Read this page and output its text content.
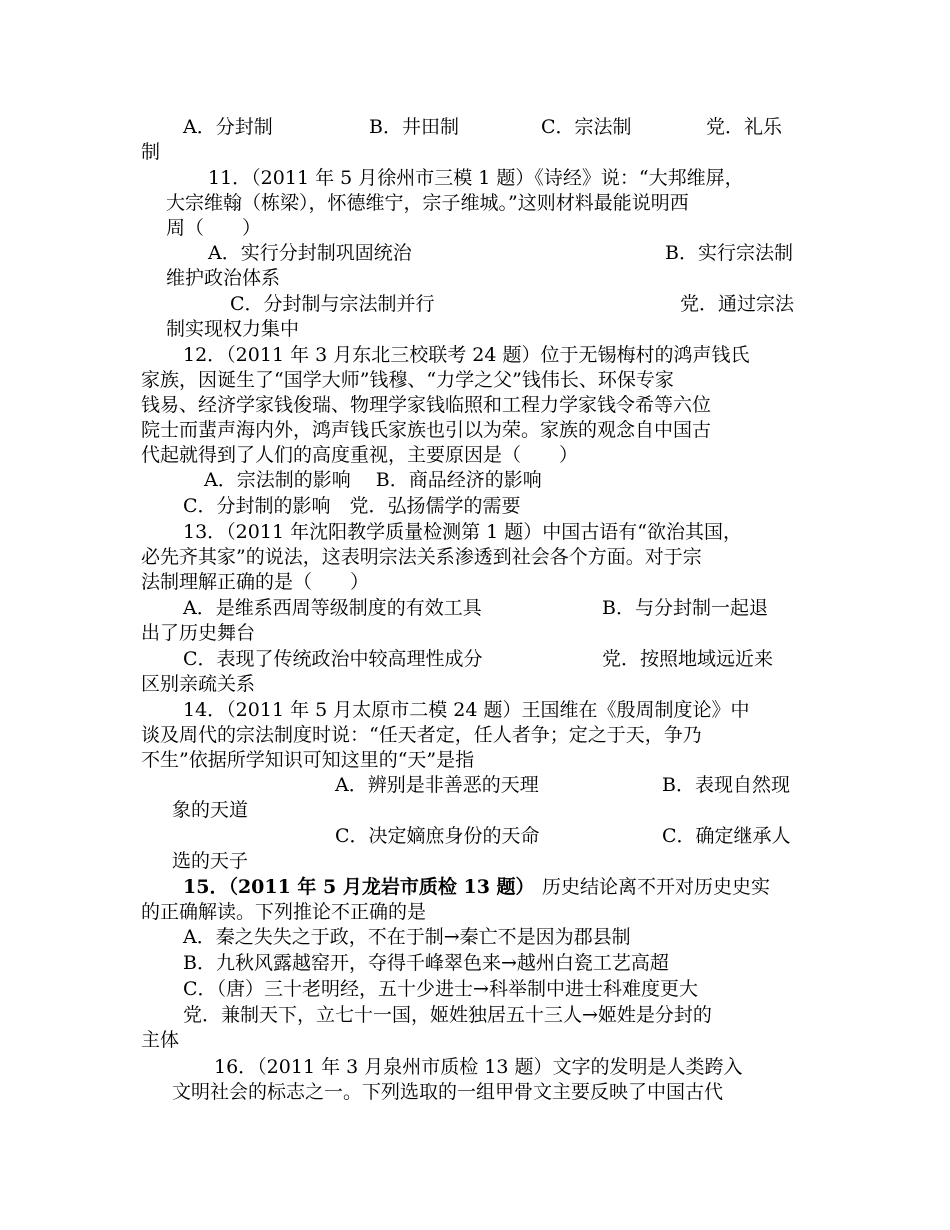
A．分封制	B．井田制	C．宗法制	党．礼乐
制
11．（2011 年 5 月徐州市三模 1 题）《诗经》说：“大邦维屏，
大宗维翰（栋梁），怀德维宁，宗子维城。”这则材料最能说明西
周（　　）
A．实行分封制巩固统治	B．实行宗法制
维护政治体系
C．分封制与宗法制并行	党．通过宗法
制实现权力集中
12．（2011 年 3 月东北三校联考 24 题）位于无锡梅村的鸿声钱氏
家族，因诞生了“国学大师”钱穆、“力学之父”钱伟长、环保专家
钱易、经济学家钱俊瑞、物理学家钱临照和工程力学家钱令希等六位
院士而蜚声海内外，鸿声钱氏家族也引以为荣。家族的观念自中国古
代起就得到了人们的高度重视，主要原因是（　　）
A．宗法制的影响　 B．商品经济的影响
C．分封制的影响　党．弘扬儒学的需要
13．（2011 年沈阳教学质量检测第 1 题）中国古语有“欲治其国，
必先齐其家”的说法，这表明宗法关系渗透到社会各个方面。对于宗
法制理解正确的是（　　）
A．是维系西周等级制度的有效工具	B．与分封制一起退
出了历史舞台
C．表现了传统政治中较高理性成分	党．按照地域远近来
区别亲疏关系
14．（2011 年 5 月太原市二模 24 题）王国维在《殷周制度论》中
谈及周代的宗法制度时说：“任天者定，任人者争；定之于天，争乃
不生”依据所学知识可知这里的“天”是指
A．辨别是非善恶的天理	B．表现自然现
象的天道
C．决定嫡庶身份的天命	C．确定继承人
选的天子
15．（2011 年 5 月龙岩市质检 13 题） 历史结论离不开对历史史实
的正确解读。下列推论不正确的是
A．秦之失失之于政，不在于制→秦亡不是因为郡县制
B．九秋风露越窑开，夺得千峰翠色来→越州白瓷工艺高超
C．（唐）三十老明经，五十少进士→科举制中进士科难度更大
党．兼制天下，立七十一国，姬姓独居五十三人→姬姓是分封的
主体
16．（2011 年 3 月泉州市质检 13 题）文字的发明是人类跨入
文明社会的标志之一。下列选取的一组甲骨文主要反映了中国古代
